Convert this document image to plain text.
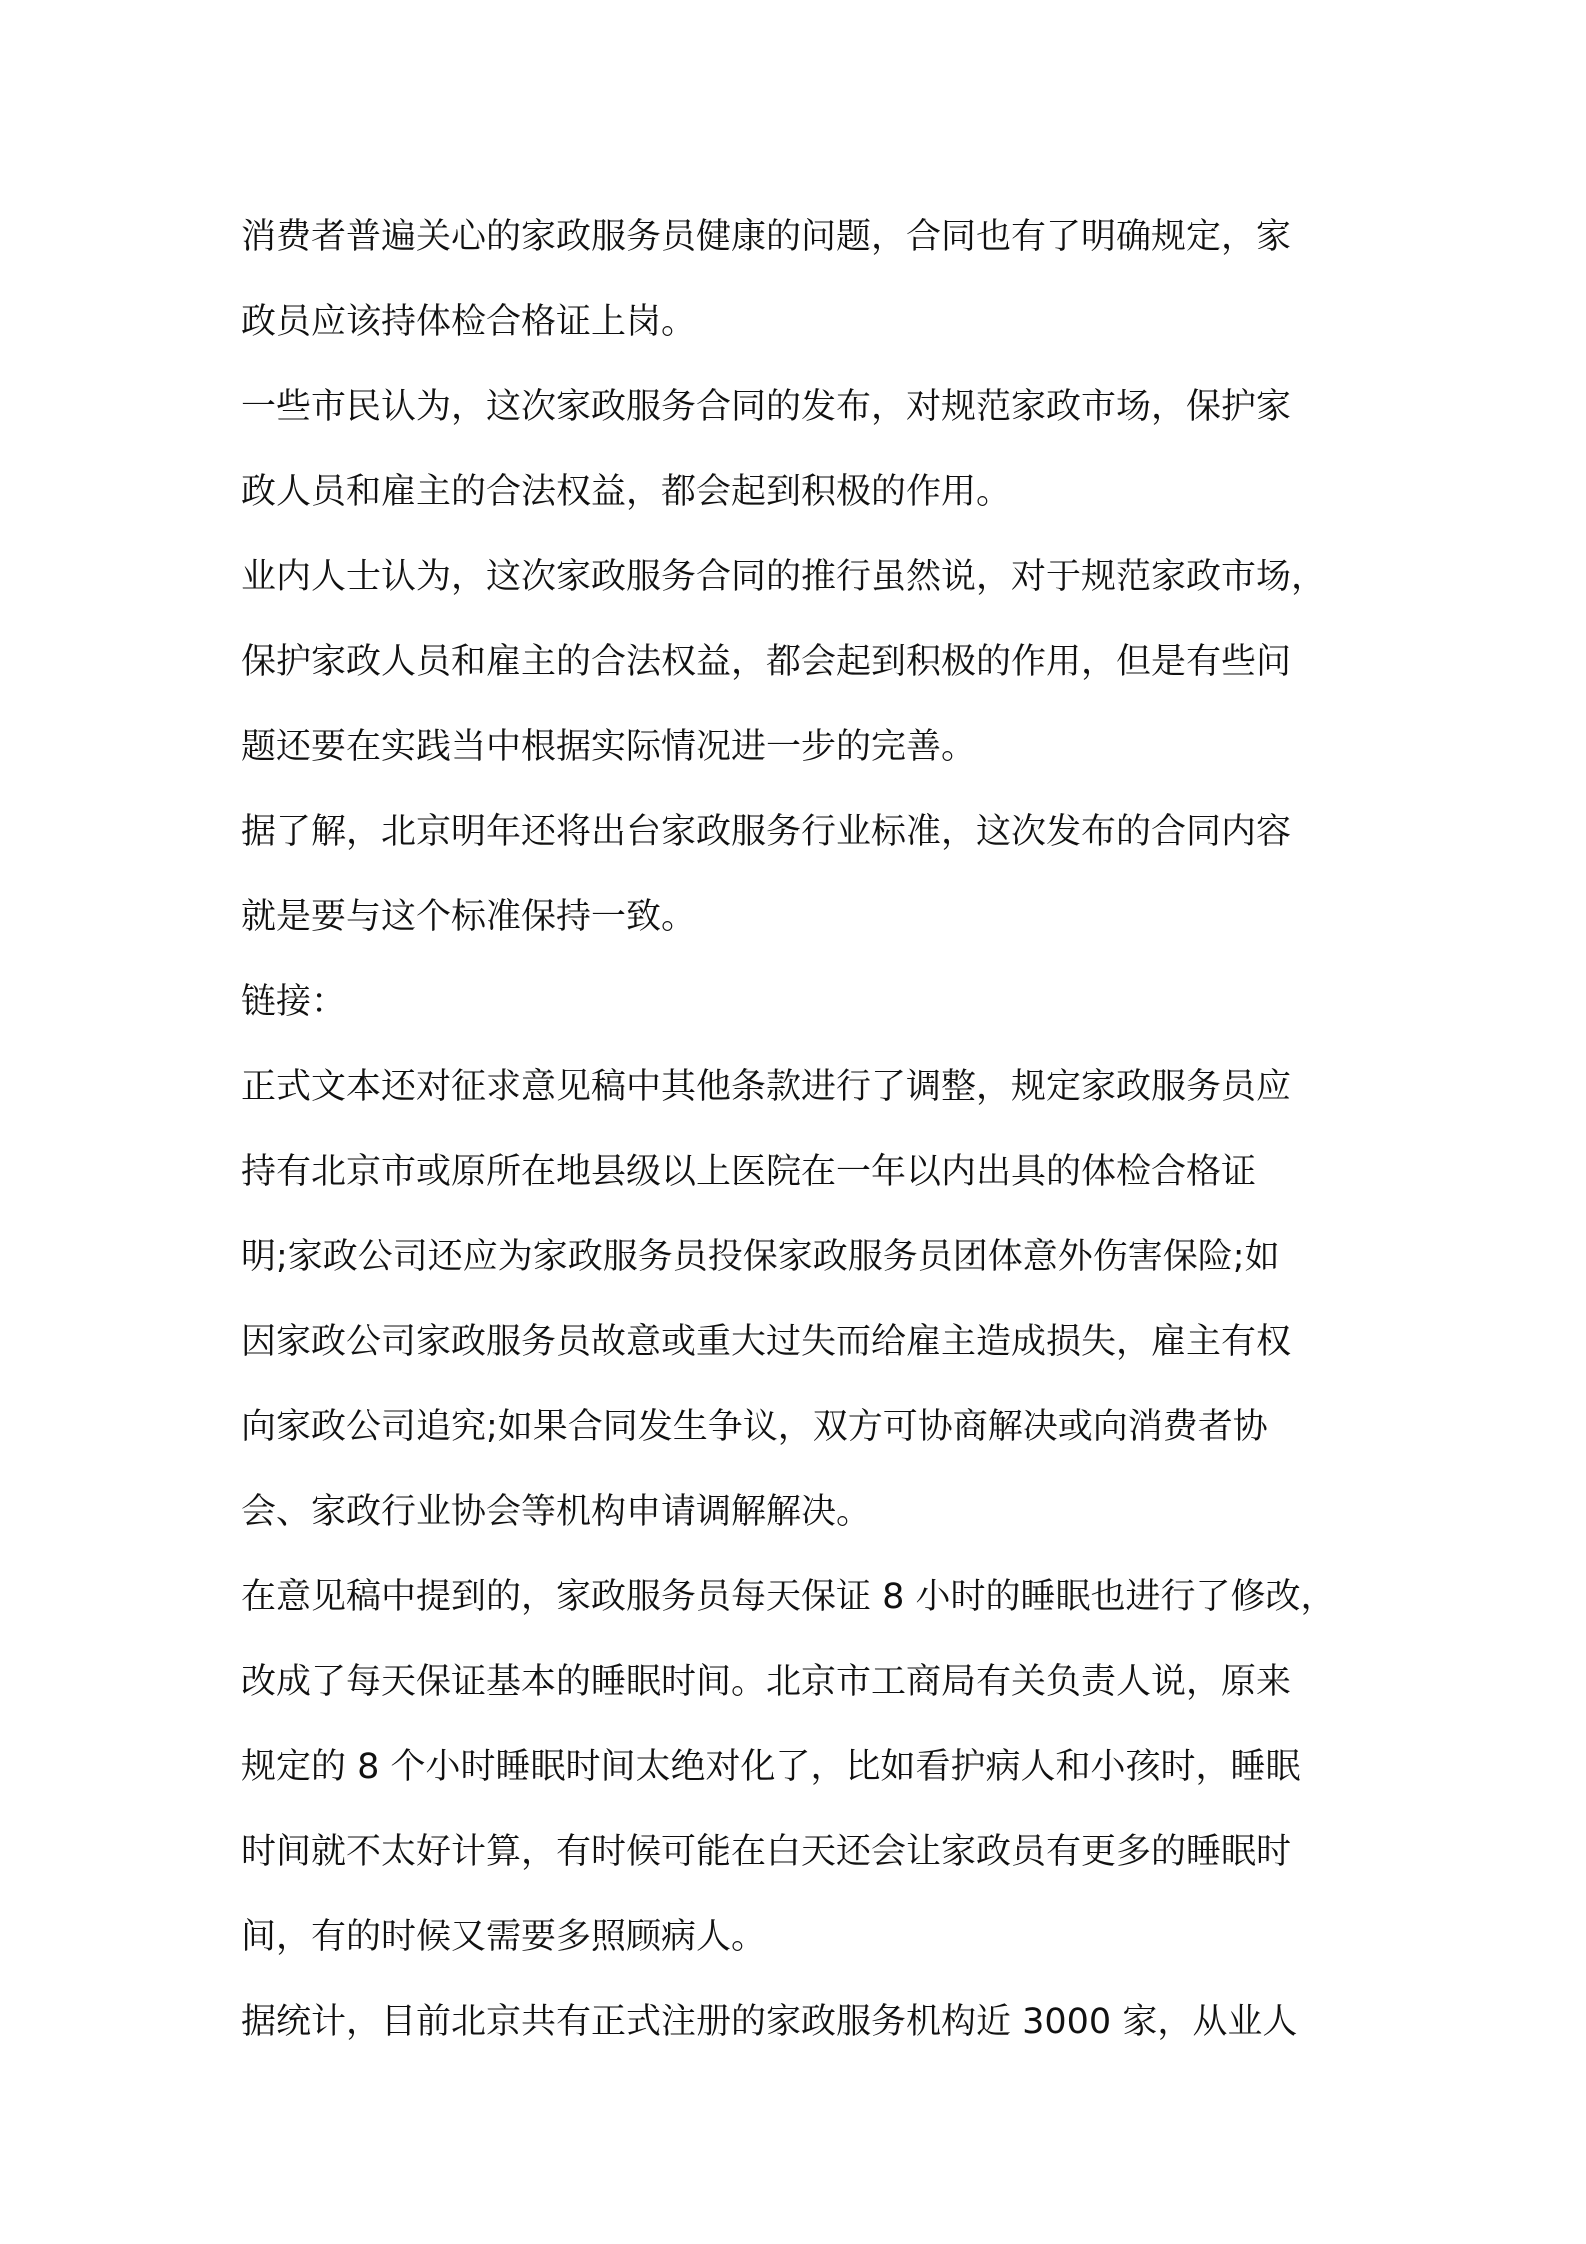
消费者普遍关心的家政服务员健康的问题，合同也有了明确规定，家
政员应该持体检合格证上岗。

一些市民认为，这次家政服务合同的发布，对规范家政市场，保护家
政人员和雇主的合法权益，都会起到积极的作用。

业内人士认为，这次家政服务合同的推行虽然说，对于规范家政市场，
保护家政人员和雇主的合法权益，都会起到积极的作用，但是有些问
题还要在实践当中根据实际情况进一步的完善。

据了解，北京明年还将出台家政服务行业标准，这次发布的合同内容
就是要与这个标准保持一致。

链接：

正式文本还对征求意见稿中其他条款进行了调整，规定家政服务员应
持有北京市或原所在地县级以上医院在一年以内出具的体检合格证
明;家政公司还应为家政服务员投保家政服务员团体意外伤害保险;如
因家政公司家政服务员故意或重大过失而给雇主造成损失，雇主有权
向家政公司追究;如果合同发生争议，双方可协商解决或向消费者协
会、家政行业协会等机构申请调解解决。

在意见稿中提到的，家政服务员每天保证 8 小时的睡眠也进行了修改，
改成了每天保证基本的睡眠时间。北京市工商局有关负责人说，原来
规定的 8 个小时睡眠时间太绝对化了，比如看护病人和小孩时，睡眠
时间就不太好计算，有时候可能在白天还会让家政员有更多的睡眠时
间，有的时候又需要多照顾病人。

据统计，目前北京共有正式注册的家政服务机构近 3000 家，从业人
